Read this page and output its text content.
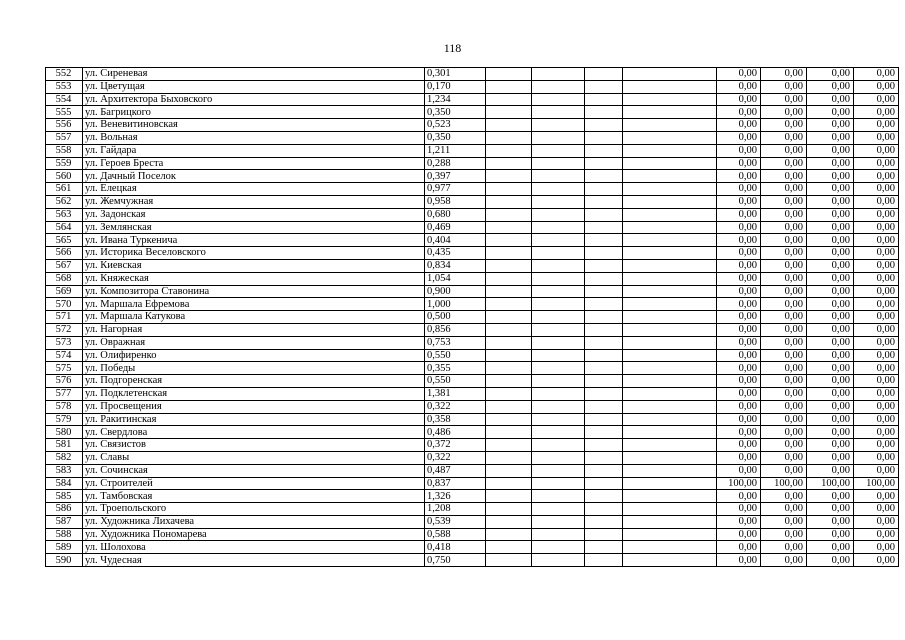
118
552	ул. Сиреневая	0,301					0,00	0,00	0,00	0,00
553	ул. Цветущая	0,170					0,00	0,00	0,00	0,00
554	ул. Архитектора Быховского	1,234					0,00	0,00	0,00	0,00
555	ул. Багрицкого	0,350					0,00	0,00	0,00	0,00
556	ул. Веневитиновская	0,523					0,00	0,00	0,00	0,00
557	ул. Вольная	0,350					0,00	0,00	0,00	0,00
558	ул. Гайдара	1,211					0,00	0,00	0,00	0,00
559	ул. Героев Бреста	0,288					0,00	0,00	0,00	0,00
560	ул. Дачный Поселок	0,397					0,00	0,00	0,00	0,00
561	ул. Елецкая	0,977					0,00	0,00	0,00	0,00
562	ул. Жемчужная	0,958					0,00	0,00	0,00	0,00
563	ул. Задонская	0,680					0,00	0,00	0,00	0,00
564	ул. Землянская	0,469					0,00	0,00	0,00	0,00
565	ул. Ивана Туркенича	0,404					0,00	0,00	0,00	0,00
566	ул. Историка Веселовского	0,435					0,00	0,00	0,00	0,00
567	ул. Киевская	0,834					0,00	0,00	0,00	0,00
568	ул. Княжеская	1,054					0,00	0,00	0,00	0,00
569	ул. Композитора Ставонина	0,900					0,00	0,00	0,00	0,00
570	ул. Маршала Ефремова	1,000					0,00	0,00	0,00	0,00
571	ул. Маршала Катукова	0,500					0,00	0,00	0,00	0,00
572	ул. Нагорная	0,856					0,00	0,00	0,00	0,00
573	ул. Овражная	0,753					0,00	0,00	0,00	0,00
574	ул. Олифиренко	0,550					0,00	0,00	0,00	0,00
575	ул. Победы	0,355					0,00	0,00	0,00	0,00
576	ул. Подгоренская	0,550					0,00	0,00	0,00	0,00
577	ул. Подклетенская	1,381					0,00	0,00	0,00	0,00
578	ул. Просвещения	0,322					0,00	0,00	0,00	0,00
579	ул. Ракитинская	0,358					0,00	0,00	0,00	0,00
580	ул. Свердлова	0,486					0,00	0,00	0,00	0,00
581	ул. Связистов	0,372					0,00	0,00	0,00	0,00
582	ул. Славы	0,322					0,00	0,00	0,00	0,00
583	ул. Сочинская	0,487					0,00	0,00	0,00	0,00
584	ул. Строителей	0,837					100,00	100,00	100,00	100,00
585	ул. Тамбовская	1,326					0,00	0,00	0,00	0,00
586	ул. Троепольского	1,208					0,00	0,00	0,00	0,00
587	ул. Художника Лихачева	0,539					0,00	0,00	0,00	0,00
588	ул. Художника Пономарева	0,588					0,00	0,00	0,00	0,00
589	ул. Шолохова	0,418					0,00	0,00	0,00	0,00
590	ул. Чудесная	0,750					0,00	0,00	0,00	0,00
